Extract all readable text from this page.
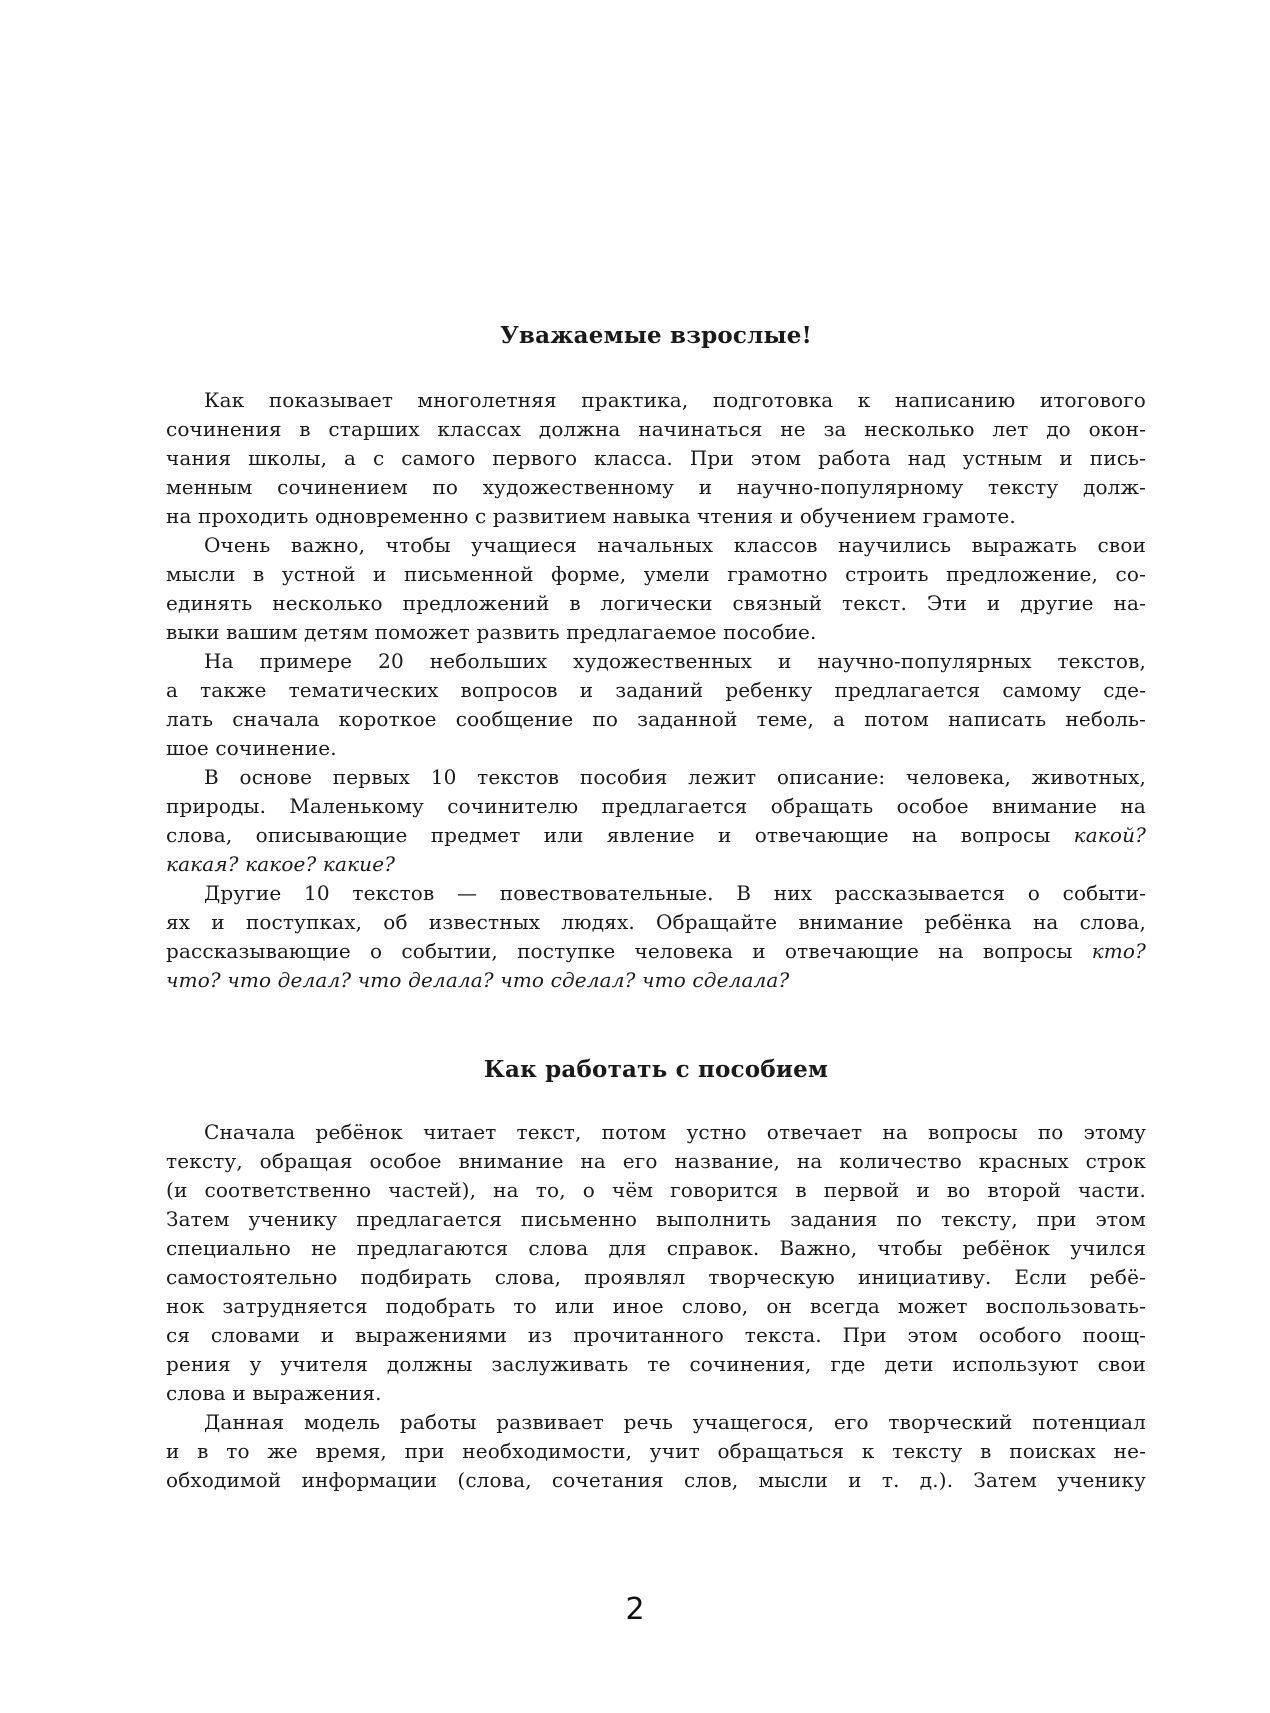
Уважаемые взрослые!
Как показывает многолетняя практика, подготовка к написанию итогового
сочинения в старших классах должна начинаться не за несколько лет до окон-
чания школы, а с самого первого класса. При этом работа над устным и пись-
менным сочинением по художественному и научно-популярному тексту долж-
на проходить одновременно с развитием навыка чтения и обучением грамоте.
Очень важно, чтобы учащиеся начальных классов научились выражать свои
мысли в устной и письменной форме, умели грамотно строить предложение, со-
единять несколько предложений в логически связный текст. Эти и другие на-
выки вашим детям поможет развить предлагаемое пособие.
На примере 20 небольших художественных и научно-популярных текстов,
а также тематических вопросов и заданий ребенку предлагается самому сде-
лать сначала короткое сообщение по заданной теме, а потом написать неболь-
шое сочинение.
В основе первых 10 текстов пособия лежит описание: человека, животных,
природы. Маленькому сочинителю предлагается обращать особое внимание на
слова, описывающие предмет или явление и отвечающие на вопросы какой?
какая? какое? какие?
Другие 10 текстов — повествовательные. В них рассказывается о событи-
ях и поступках, об известных людях. Обращайте внимание ребёнка на слова,
рассказывающие о событии, поступке человека и отвечающие на вопросы кто?
что? что делал? что делала? что сделал? что сделала?
Как работать с пособием
Сначала ребёнок читает текст, потом устно отвечает на вопросы по этому
тексту, обращая особое внимание на его название, на количество красных строк
(и соответственно частей), на то, о чём говорится в первой и во второй части.
Затем ученику предлагается письменно выполнить задания по тексту, при этом
специально не предлагаются слова для справок. Важно, чтобы ребёнок учился
самостоятельно подбирать слова, проявлял творческую инициативу. Если ребё-
нок затрудняется подобрать то или иное слово, он всегда может воспользовать-
ся словами и выражениями из прочитанного текста. При этом особого поощ-
рения у учителя должны заслуживать те сочинения, где дети используют свои
слова и выражения.
Данная модель работы развивает речь учащегося, его творческий потенциал
и в то же время, при необходимости, учит обращаться к тексту в поисках не-
обходимой информации (слова, сочетания слов, мысли и т. д.). Затем ученику
2
